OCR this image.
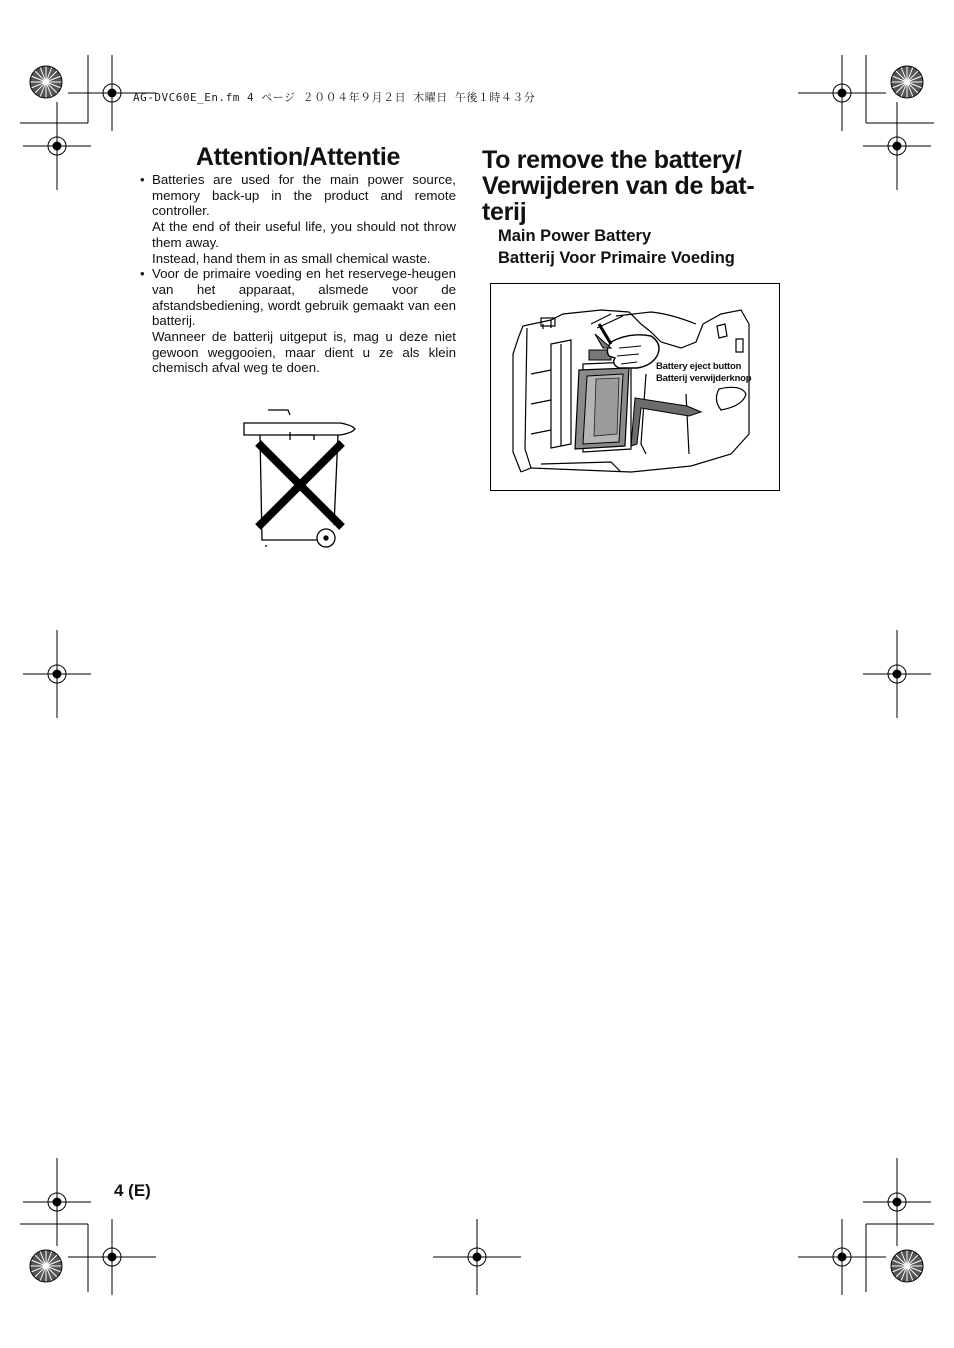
AG-DVC60E_En.fm 4 ページ ２００４年９月２日 木曜日 午後１時４３分
Attention/Attentie
• Batteries are used for the main power source, memory back-up in the product and remote controller.

At the end of their useful life, you should not throw them away.

Instead, hand them in as small chemical waste.

• Voor de primaire voeding en het reservege-heugen van het apparaat, alsmede voor de afstandsbediening, wordt gebruik gemaakt van een batterij.

Wanneer de batterij uitgeput is, mag u deze niet gewoon weggooien, maar dient u ze als klein chemisch afval weg te doen.

To remove the battery/
Verwijderen van de bat-
terij
Main Power Battery
Batterij Voor Primaire Voeding
Battery eject button
Batterij verwijderknop
4 (E)
